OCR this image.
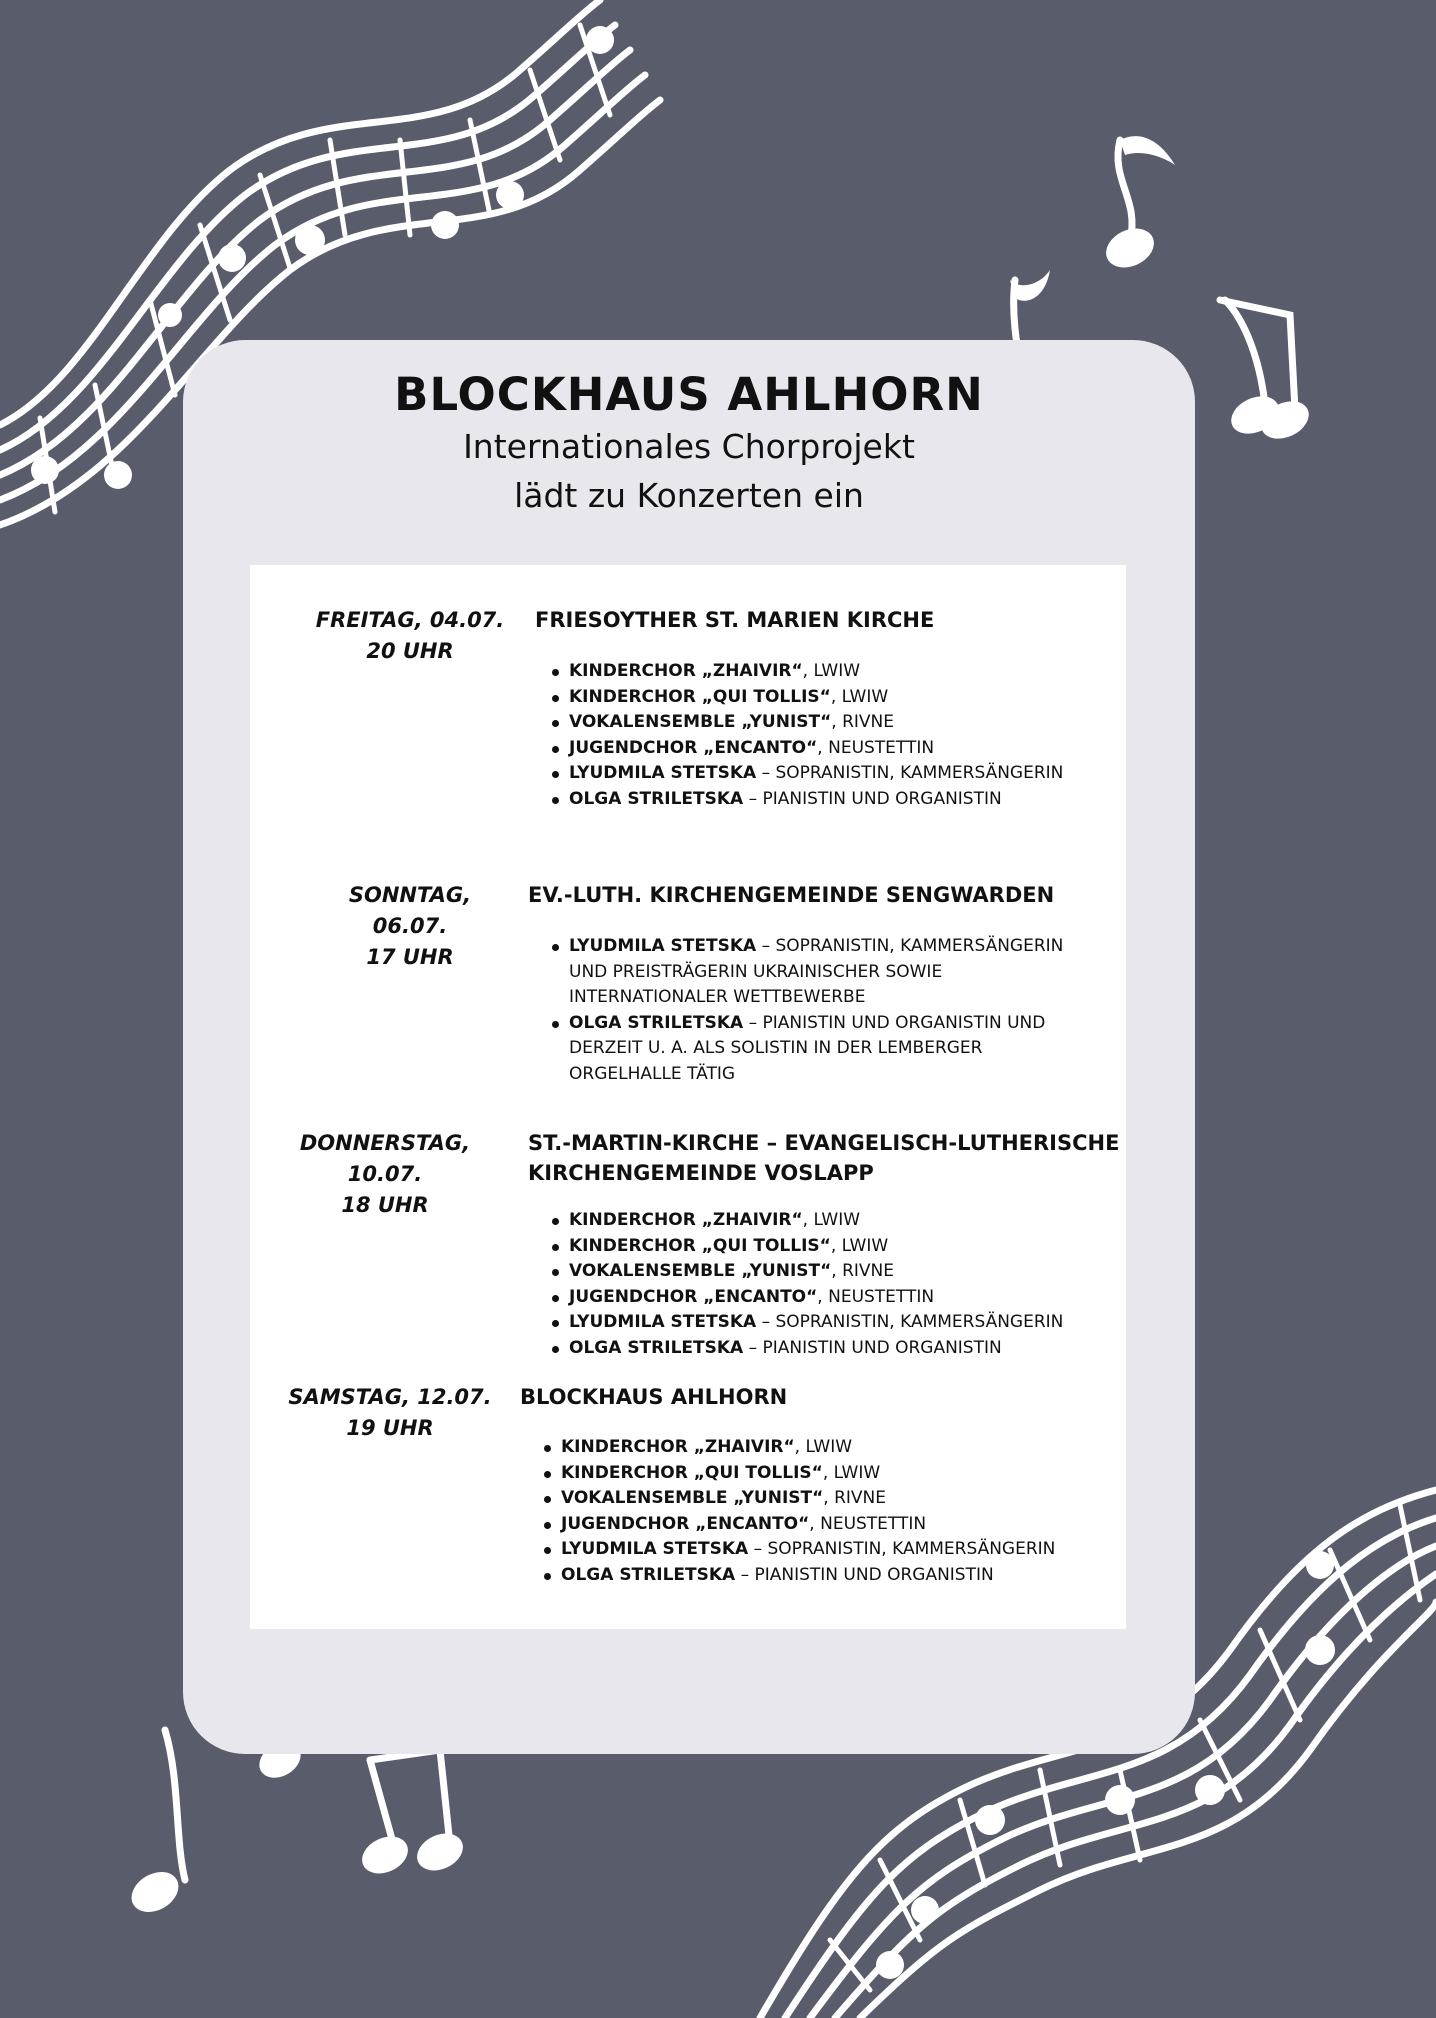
BLOCKHAUS AHLHORN
Internationales Chorprojekt
lädt zu Konzerten ein
FREITAG, 04.07.
20 UHR
FRIESOYTHER ST. MARIEN KIRCHE
KINDERCHOR „ZHAIVIR“, LWIW
KINDERCHOR „QUI TOLLIS“, LWIW
VOKALENSEMBLE „YUNIST“, RIVNE
JUGENDCHOR „ENCANTO“, NEUSTETTIN
LYUDMILA STETSKA – SOPRANISTIN, KAMMERSÄNGERIN
OLGA STRILETSKA – PIANISTIN UND ORGANISTIN
SONNTAG, 06.07.
17 UHR
EV.-LUTH. KIRCHENGEMEINDE SENGWARDEN
LYUDMILA STETSKA – SOPRANISTIN, KAMMERSÄNGERIN UND PREISTRÄGERIN UKRAINISCHER SOWIE INTERNATIONALER WETTBEWERBE
OLGA STRILETSKA – PIANISTIN UND ORGANISTIN UND DERZEIT U. A. ALS SOLISTIN IN DER LEMBERGER ORGELHALLE TÄTIG
DONNERSTAG, 10.07.
18 UHR
ST.-MARTIN-KIRCHE – EVANGELISCH-LUTHERISCHE
KIRCHENGEMEINDE VOSLAPP
KINDERCHOR „ZHAIVIR“, LWIW
KINDERCHOR „QUI TOLLIS“, LWIW
VOKALENSEMBLE „YUNIST“, RIVNE
JUGENDCHOR „ENCANTO“, NEUSTETTIN
LYUDMILA STETSKA – SOPRANISTIN, KAMMERSÄNGERIN
OLGA STRILETSKA – PIANISTIN UND ORGANISTIN
SAMSTAG, 12.07.
19 UHR
BLOCKHAUS AHLHORN
KINDERCHOR „ZHAIVIR“, LWIW
KINDERCHOR „QUI TOLLIS“, LWIW
VOKALENSEMBLE „YUNIST“, RIVNE
JUGENDCHOR „ENCANTO“, NEUSTETTIN
LYUDMILA STETSKA – SOPRANISTIN, KAMMERSÄNGERIN
OLGA STRILETSKA – PIANISTIN UND ORGANISTIN
